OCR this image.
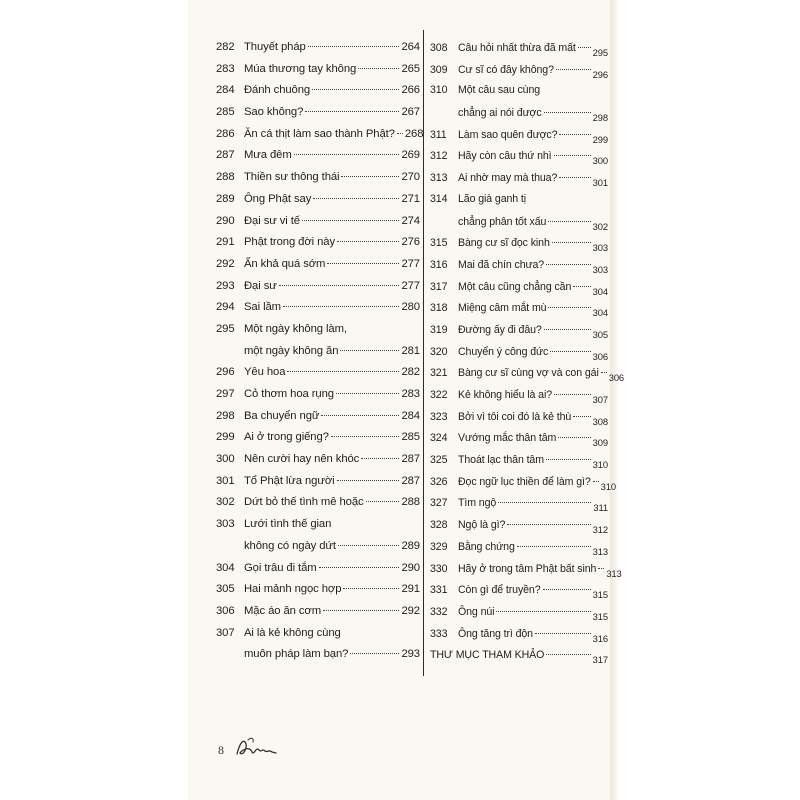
282 Thuyết pháp	264
283 Múa thương tay không	265
284 Đánh chuông	266
285 Sao không?	267
286 Ăn cá thịt làm sao thành Phật? 268
287 Mưa đêm	269
288 Thiền sư thông thái	270
289 Ông Phật say	271
290 Đại sư vi tế	274
291 Phật trong đời này	276
292 Ấn khả quá sớm	277
293 Đại sư	277
294 Sai lầm	280
295 Một ngày không làm,
một ngày không ăn	281
296 Yêu hoa	282
297 Cỏ thơm hoa rụng	283
298 Ba chuyển ngữ	284
299 Ai ở trong giếng?	285
300 Nên cười hay nên khóc	287
301 Tổ Phật lừa người	287
302 Dứt bỏ thế tình mê hoặc	288
303 Lưới tình thế gian
không có ngày dứt	289
304 Gọi trâu đi tắm	290
305 Hai mảnh ngọc hợp	291
306 Mặc áo ăn cơm	292
307 Ai là kẻ không cùng
muôn pháp làm bạn?	293
308	Câu hỏi nhất thừa đã mất 295
309	Cư sĩ có đây không?	296
310	Một câu sau cùng
chẳng ai nói được	298
311	Làm sao quên được?	299
312	Hãy còn câu thứ nhì	300
313	Ai nhờ may mà thua?	301
314	Lão già ganh tị
chẳng phân tốt xấu	302
315	Bàng cư sĩ đọc kinh	303
316	Mai đã chín chưa?	303
317	Một câu cũng chẳng cần 304
318	Miệng câm mắt mù	304
319	Đường ấy đi đâu?	305
320	Chuyển ý công đức	306
321	Bàng cư sĩ cùng vợ và con gái 306
322	Kẻ không hiểu là ai?	307
323	Bởi vì tôi coi đó là kẻ thù 308
324	Vướng mắc thân tâm	309
325	Thoát lạc thân tâm	310
326	Đọc ngữ lục thiền để làm gì? 310
327	Tìm ngộ	311
328	Ngộ là gì?	312
329	Bằng chứng	313
330	Hãy ở trong tâm Phật bất sinh 313
331	Còn gì để truyền?	315
332	Ông núi	315
333	Ông tăng trì độn	316
THƯ MỤC THAM KHẢO	317
8
